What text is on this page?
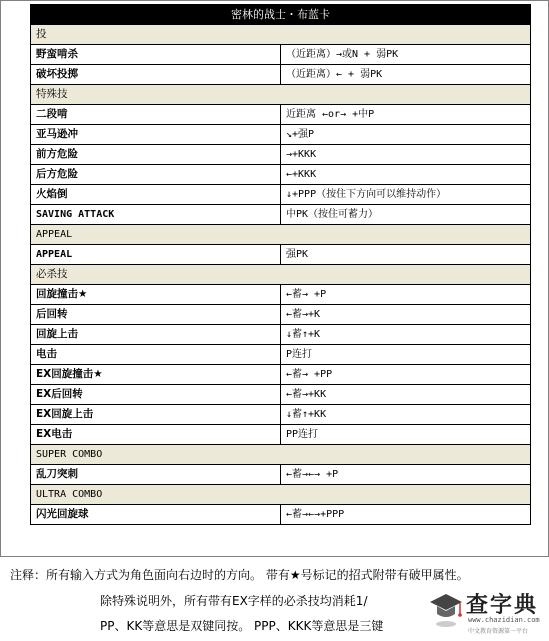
密林的战士・布蓝卡	
投	
野蛮啃杀	（近距离）→或N + 弱PK
破坏投掷	（近距离）← + 弱PK
特殊技	
二段啃	近距离 ←or→ +中P
亚马逊冲	↘+强P
前方危险	→+KKK
后方危险	←+KKK
火焰倒	↓+PPP（按住下方向可以维持动作）
SAVING ATTACK	中PK（按住可蓄力）
APPEAL	
APPEAL	强PK
必杀技	
回旋撞击★	←蓄→ +P
后回转	←蓄→+K
回旋上击	↓蓄↑+K
电击	P连打
EX回旋撞击★	←蓄→ +PP
EX后回转	←蓄→+KK
EX回旋上击	↓蓄↑+KK
EX电击	PP连打
SUPER COMBO	
乱刀突刺	←蓄→←→ +P
ULTRA COMBO	
闪光回旋球	←蓄→←→+PPP
注释：所有输入方式为角色面向右边时的方向。 带有★号标记的招式附带有破甲属性。
除特殊说明外，所有带有EX字样的必杀技均消耗1/
PP、KK等意思是双键同按。 PPP、KKK等意思是三键
查字典
www.chazidian.com
中文教育资源第一平台
